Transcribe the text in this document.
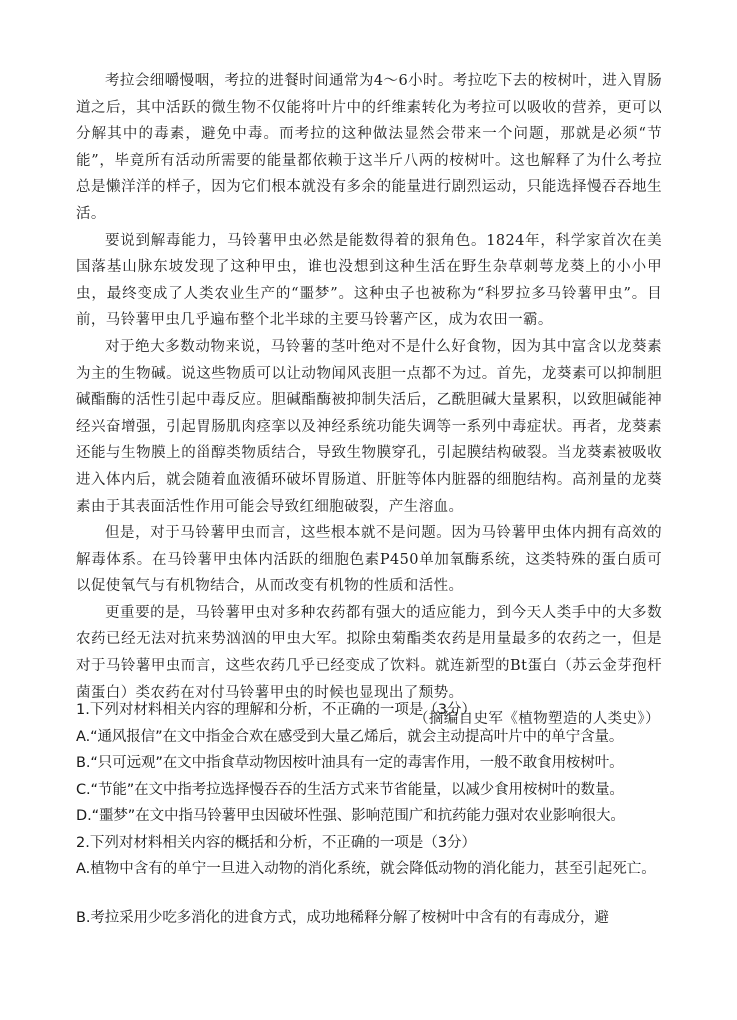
考拉会细嚼慢咽，考拉的进餐时间通常为4～6小时。考拉吃下去的桉树叶，进入胃肠道之后，其中活跃的微生物不仅能将叶片中的纤维素转化为考拉可以吸收的营养，更可以分解其中的毒素，避免中毒。而考拉的这种做法显然会带来一个问题，那就是必须“节能”，毕竟所有活动所需要的能量都依赖于这半斤八两的桉树叶。这也解释了为什么考拉总是懒洋洋的样子，因为它们根本就没有多余的能量进行剧烈运动，只能选择慢吞吞地生活。

要说到解毒能力，马铃薯甲虫必然是能数得着的狠角色。1824年，科学家首次在美国落基山脉东坡发现了这种甲虫，谁也没想到这种生活在野生杂草刺萼龙葵上的小小甲虫，最终变成了人类农业生产的“噩梦”。这种虫子也被称为“科罗拉多马铃薯甲虫”。目前，马铃薯甲虫几乎遍布整个北半球的主要马铃薯产区，成为农田一霸。

对于绝大多数动物来说，马铃薯的茎叶绝对不是什么好食物，因为其中富含以龙葵素为主的生物碱。说这些物质可以让动物闻风丧胆一点都不为过。首先，龙葵素可以抑制胆碱酯酶的活性引起中毒反应。胆碱酯酶被抑制失活后，乙酰胆碱大量累积，以致胆碱能神经兴奋增强，引起胃肠肌肉痉挛以及神经系统功能失调等一系列中毒症状。再者，龙葵素还能与生物膜上的甾醇类物质结合，导致生物膜穿孔，引起膜结构破裂。当龙葵素被吸收进入体内后，就会随着血液循环破坏胃肠道、肝脏等体内脏器的细胞结构。高剂量的龙葵素由于其表面活性作用可能会导致红细胞破裂，产生溶血。

但是，对于马铃薯甲虫而言，这些根本就不是问题。因为马铃薯甲虫体内拥有高效的解毒体系。在马铃薯甲虫体内活跃的细胞色素P450单加氧酶系统，这类特殊的蛋白质可以促使氧气与有机物结合，从而改变有机物的性质和活性。

更重要的是，马铃薯甲虫对多种农药都有强大的适应能力，到今天人类手中的大多数农药已经无法对抗来势汹汹的甲虫大军。拟除虫菊酯类农药是用量最多的农药之一，但是对于马铃薯甲虫而言，这些农药几乎已经变成了饮料。就连新型的Bt蛋白（苏云金芽孢杆菌蛋白）类农药在对付马铃薯甲虫的时候也显现出了颓势。

（摘编自史军《植物塑造的人类史》）

1.下列对材料相关内容的理解和分析，不正确的一项是（3分）

A.“通风报信”在文中指金合欢在感受到大量乙烯后，就会主动提高叶片中的单宁含量。

B.“只可远观”在文中指食草动物因桉叶油具有一定的毒害作用，一般不敢食用桉树叶。

C.“节能”在文中指考拉选择慢吞吞的生活方式来节省能量，以减少食用桉树叶的数量。

D.“噩梦”在文中指马铃薯甲虫因破坏性强、影响范围广和抗药能力强对农业影响很大。

2.下列对材料相关内容的概括和分析，不正确的一项是（3分）

A.植物中含有的单宁一旦进入动物的消化系统，就会降低动物的消化能力，甚至引起死亡。

B.考拉采用少吃多消化的进食方式，成功地稀释分解了桉树叶中含有的有毒成分，避
